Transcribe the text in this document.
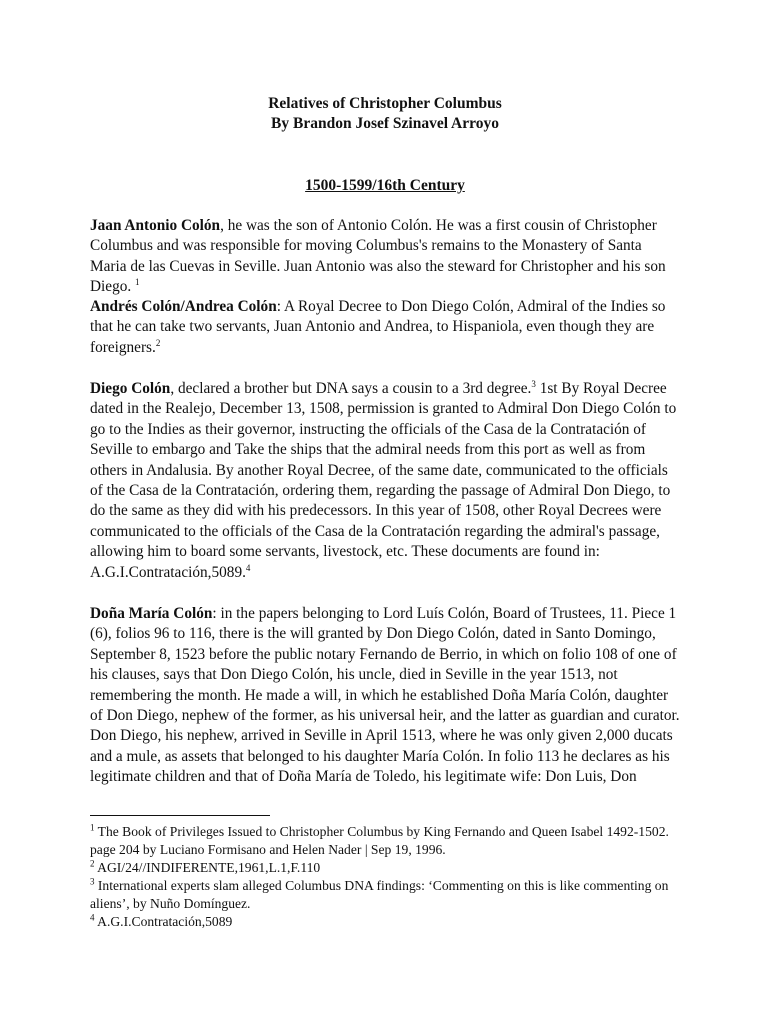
Relatives of Christopher Columbus
By Brandon Josef Szinavel Arroyo
1500-1599/16th Century

Jaan Antonio Colón, he was the son of Antonio Colón. He was a first cousin of Christopher Columbus and was responsible for moving Columbus's remains to the Monastery of Santa Maria de las Cuevas in Seville. Juan Antonio was also the steward for Christopher and his son Diego. $^1$

Andrés Colón/Andrea Colón: A Royal Decree to Don Diego Colón, Admiral of the Indies so that he can take two servants, Juan Antonio and Andrea, to Hispaniola, even though they are foreigners.$^2$

Diego Colón, declared a brother but DNA says a cousin to a 3rd degree.$^3$ 1st By Royal Decree dated in the Realejo, December 13, 1508, permission is granted to Admiral Don Diego Colón to go to the Indies as their governor, instructing the officials of the Casa de la Contratación of Seville to embargo and Take the ships that the admiral needs from this port as well as from others in Andalusia. By another Royal Decree, of the same date, communicated to the officials of the Casa de la Contratación, ordering them, regarding the passage of Admiral Don Diego, to do the same as they did with his predecessors. In this year of 1508, other Royal Decrees were communicated to the officials of the Casa de la Contratación regarding the admiral's passage, allowing him to board some servants, livestock, etc. These documents are found in: A.G.I.Contratación,5089.$^4$

Doña María Colón: in the papers belonging to Lord Luís Colón, Board of Trustees, 11. Piece 1 (6), folios 96 to 116, there is the will granted by Don Diego Colón, dated in Santo Domingo, September 8, 1523 before the public notary Fernando de Berrio, in which on folio 108 of one of his clauses, says that Don Diego Colón, his uncle, died in Seville in the year 1513, not remembering the month. He made a will, in which he established Doña María Colón, daughter of Don Diego, nephew of the former, as his universal heir, and the latter as guardian and curator. Don Diego, his nephew, arrived in Seville in April 1513, where he was only given 2,000 ducats and a mule, as assets that belonged to his daughter María Colón. In folio 113 he declares as his legitimate children and that of Doña María de Toledo, his legitimate wife: Don Luis, Don

$^1$ The Book of Privileges Issued to Christopher Columbus by King Fernando and Queen Isabel 1492-1502. page 204 by Luciano Formisano and Helen Nader | Sep 19, 1996.

$^2$ AGI/24//INDIFERENTE,1961,L.1,F.110

$^3$ International experts slam alleged Columbus DNA findings: ‘Commenting on this is like commenting on aliens’, by Nuño Domínguez.

$^4$ A.G.I.Contratación,5089
